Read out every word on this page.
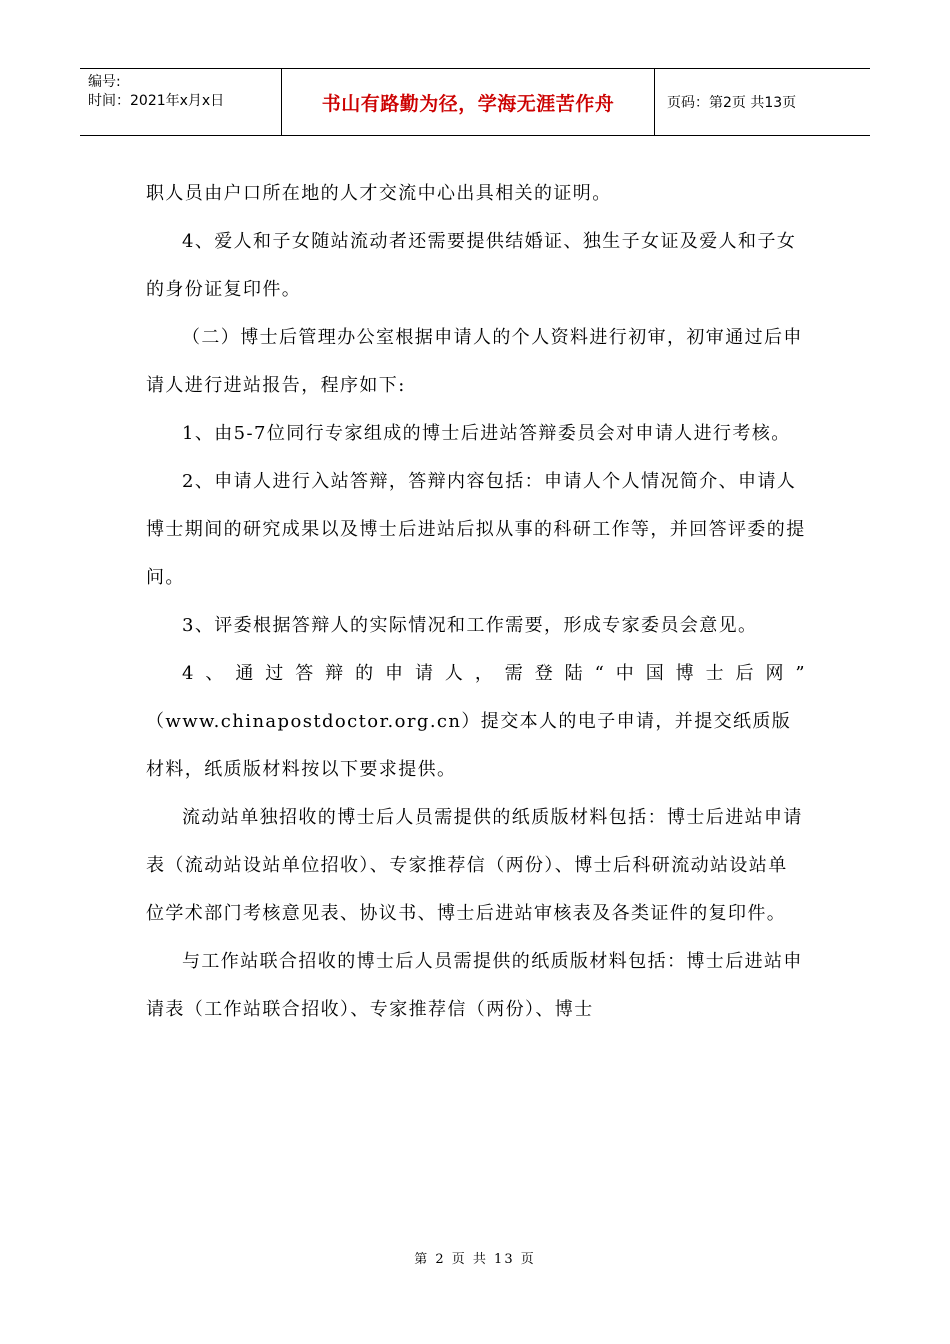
编号:
时间：2021年x月x日	书山有路勤为径，学海无涯苦作舟	页码：第2页 共13页

职人员由户口所在地的人才交流中心出具相关的证明。

4、爱人和子女随站流动者还需要提供结婚证、独生子女证及爱人和子女的身份证复印件。

（二）博士后管理办公室根据申请人的个人资料进行初审，初审通过后申请人进行进站报告，程序如下:

1、由5-7位同行专家组成的博士后进站答辩委员会对申请人进行考核。

2、申请人进行入站答辩，答辩内容包括：申请人个人情况简介、申请人博士期间的研究成果以及博士后进站后拟从事的科研工作等，并回答评委的提问。

3、评委根据答辩人的实际情况和工作需要，形成专家委员会意见。

4、通过答辩的申请人，需登陆“中国博士后网”

（www.chinapostdoctor.org.cn）提交本人的电子申请，并提交纸质版材料，纸质版材料按以下要求提供。

流动站单独招收的博士后人员需提供的纸质版材料包括：博士后进站申请表（流动站设站单位招收）、专家推荐信（两份）、博士后科研流动站设站单位学术部门考核意见表、协议书、博士后进站审核表及各类证件的复印件。

与工作站联合招收的博士后人员需提供的纸质版材料包括：博士后进站申请表（工作站联合招收）、专家推荐信（两份）、博士

第 2 页 共 13 页
